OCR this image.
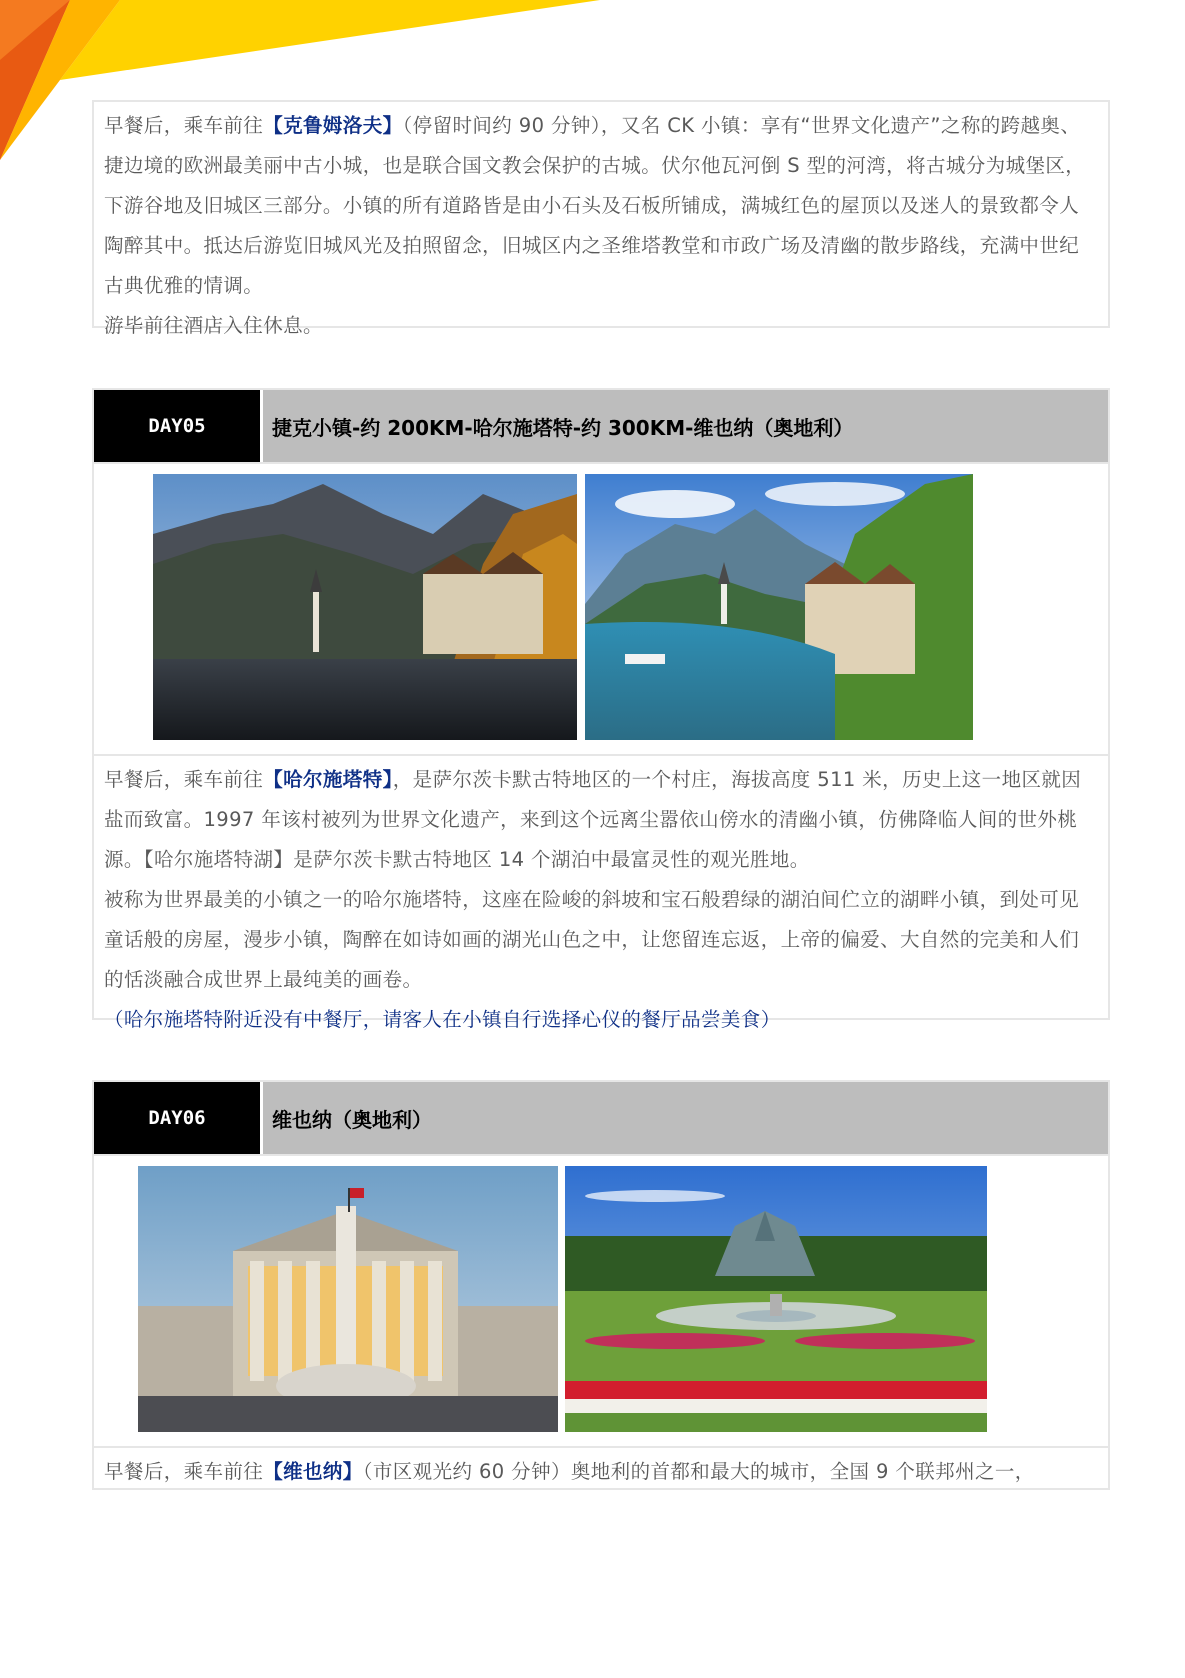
早餐后，乘车前往【克鲁姆洛夫】（停留时间约 90 分钟），又名 CK 小镇：享有“世界文化遗产”之称的跨越奥、捷边境的欧洲最美丽中古小城，也是联合国文教会保护的古城。伏尔他瓦河倒 S 型的河湾，将古城分为城堡区，下游谷地及旧城区三部分。小镇的所有道路皆是由小石头及石板所铺成，满城红色的屋顶以及迷人的景致都令人陶醉其中。抵达后游览旧城风光及拍照留念，旧城区内之圣维塔教堂和市政广场及清幽的散步路线，充满中世纪古典优雅的情调。

游毕前往酒店入住休息。

DAY05	捷克小镇-约 200KM-哈尔施塔特-约 300KM-维也纳（奥地利）

早餐后，乘车前往【哈尔施塔特】，是萨尔茨卡默古特地区的一个村庄，海拔高度 511 米，历史上这一地区就因盐而致富。1997 年该村被列为世界文化遗产，来到这个远离尘嚣依山傍水的清幽小镇，仿佛降临人间的世外桃源。【哈尔施塔特湖】是萨尔茨卡默古特地区 14 个湖泊中最富灵性的观光胜地。

被称为世界最美的小镇之一的哈尔施塔特，这座在险峻的斜坡和宝石般碧绿的湖泊间伫立的湖畔小镇，到处可见童话般的房屋，漫步小镇，陶醉在如诗如画的湖光山色之中，让您留连忘返，上帝的偏爱、大自然的完美和人们的恬淡融合成世界上最纯美的画卷。

（哈尔施塔特附近没有中餐厅，请客人在小镇自行选择心仪的餐厅品尝美食）

DAY06	维也纳（奥地利）

早餐后，乘车前往【维也纳】（市区观光约 60 分钟）奥地利的首都和最大的城市，全国 9 个联邦州之一，
